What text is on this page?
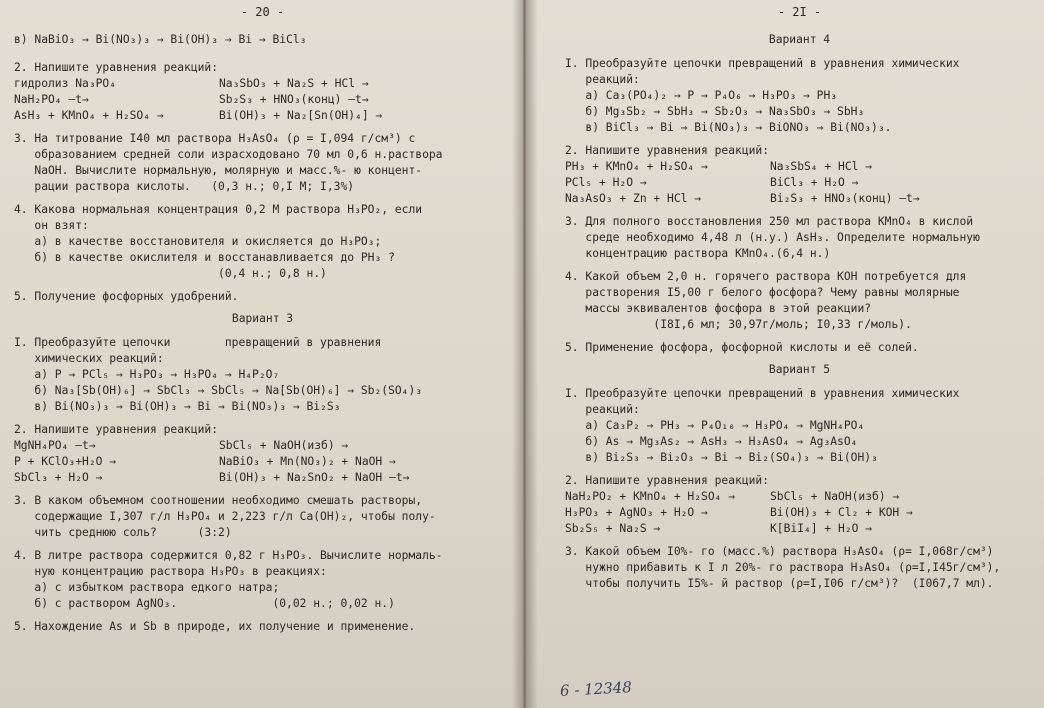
- 20 -
в) NaBiO₃ → Bi(NO₃)₃ → Bi(OH)₃ → Bi → BiCl₃
2. Напишите уравнения реакций:
гидролиз Na₃PO₄	Na₃SbO₃ + Na₂S + HCl →
NaH₂PO₄ —t→	Sb₂S₃ + HNO₃(конц) —t→
AsH₃ + KMnO₄ + H₂SO₄ →	Bi(OH)₃ + Na₂[Sn(OH)₄] →
3. На титрование I40 мл раствора H₃AsO₄ (ρ = I,094 г/см³) с
образованием средней соли израсходовано 70 мл 0,6 н.раствора
NaOH. Вычислите нормальную, молярную и масс.%- ю концент-
рации раствора кислоты.   (0,3 н.; 0,I М; I,3%)
4. Какова нормальная концентрация 0,2 М раствора H₃PO₂, если
он взят:
а) в качестве восстановителя и окисляется до H₃PO₃;
б) в качестве окислителя и восстанавливается до PH₃ ?
(0,4 н.; 0,8 н.)
5. Получение фосфорных удобрений.
Вариант 3
I. Преобразуйте цепочки        превращений в уравнения
химических реакций:
а) P → PCl₅ → H₃PO₃ → H₃PO₄ → H₄P₂O₇
б) Na₃[Sb(OH)₆] → SbCl₃ → SbCl₅ → Na[Sb(OH)₆] → Sb₂(SO₄)₃
в) Bi(NO₃)₃ → Bi(OH)₃ → Bi → Bi(NO₃)₃ → Bi₂S₃
2. Напишите уравнения реакций:
MgNH₄PO₄ —t→	SbCl₅ + NaOH(изб) →
P + KClO₃+H₂O →	NaBiO₃ + Mn(NO₃)₂ + NaOH →
SbCl₃ + H₂O →	Bi(OH)₃ + Na₂SnO₂ + NaOH —t→
3. В каком объемном соотношении необходимо смешать растворы,
содержащие I,307 г/л H₃PO₄ и 2,223 г/л Ca(OH)₂, чтобы полу-
чить среднюю соль?      (3:2)
4. В литре раствора содержится 0,82 г H₃PO₃. Вычислите нормаль-
ную концентрацию раствора H₃PO₃ в реакциях:
а) с избытком раствора едкого натра;
б) с раствором AgNO₃.              (0,02 н.; 0,02 н.)
5. Нахождение As и Sb в природе, их получение и применение.
- 2I -
Вариант 4
I. Преобразуйте цепочки превращений в уравнения химических
реакций:
а) Ca₃(PO₄)₂ → P → P₄O₆ → H₃PO₃ → PH₃
б) Mg₃Sb₂ → SbH₃ → Sb₂O₃ → Na₃SbO₃ → SbH₃
в) BiCl₃ → Bi → Bi(NO₃)₃ → BiONO₃ → Bi(NO₃)₃.
2. Напишите уравнения реакций:
PH₃ + KMnO₄ + H₂SO₄ →	Na₃SbS₄ + HCl →
PCl₅ + H₂O →	BiCl₃ + H₂O →
Na₃AsO₃ + Zn + HCl →	Bi₂S₃ + HNO₃(конц) —t→
3. Для полного восстановления 250 мл раствора KMnO₄ в кислой
среде необходимо 4,48 л (н.у.) AsH₃. Определите нормальную
концентрацию раствора KMnO₄.(6,4 н.)
4. Какой объем 2,0 н. горячего раствора KOH потребуется для
растворения I5,00 г белого фосфора? Чему равны молярные
массы эквивалентов фосфора в этой реакции?
(I8I,6 мл; 30,97г/моль; I0,33 г/моль).
5. Применение фосфора, фосфорной кислоты и её солей.
Вариант 5
I. Преобразуйте цепочки превращений в уравнения химических
реакций:
а) Ca₃P₂ → PH₃ → P₄O₁₀ → H₃PO₄ → MgNH₄PO₄
б) As → Mg₃As₂ → AsH₃ → H₃AsO₄ → Ag₃AsO₄
в) Bi₂S₃ → Bi₂O₃ → Bi → Bi₂(SO₄)₃ → Bi(OH)₃
2. Напишите уравнения реакций:
NaH₂PO₂ + KMnO₄ + H₂SO₄ →	SbCl₅ + NaOH(изб) →
H₃PO₃ + AgNO₃ + H₂O →	Bi(OH)₃ + Cl₂ + KOH →
Sb₂S₅ + Na₂S →	K[BiI₄] + H₂O →
3. Какой объем I0%- го (масс.%) раствора H₃AsO₄ (ρ= I,068г/см³)
нужно прибавить к I л 20%- го раствора H₃AsO₄ (ρ=I,I45г/см³),
чтобы получить I5%- й раствор (ρ=I,I06 г/см³)?  (I067,7 мл).
6 - 12348
